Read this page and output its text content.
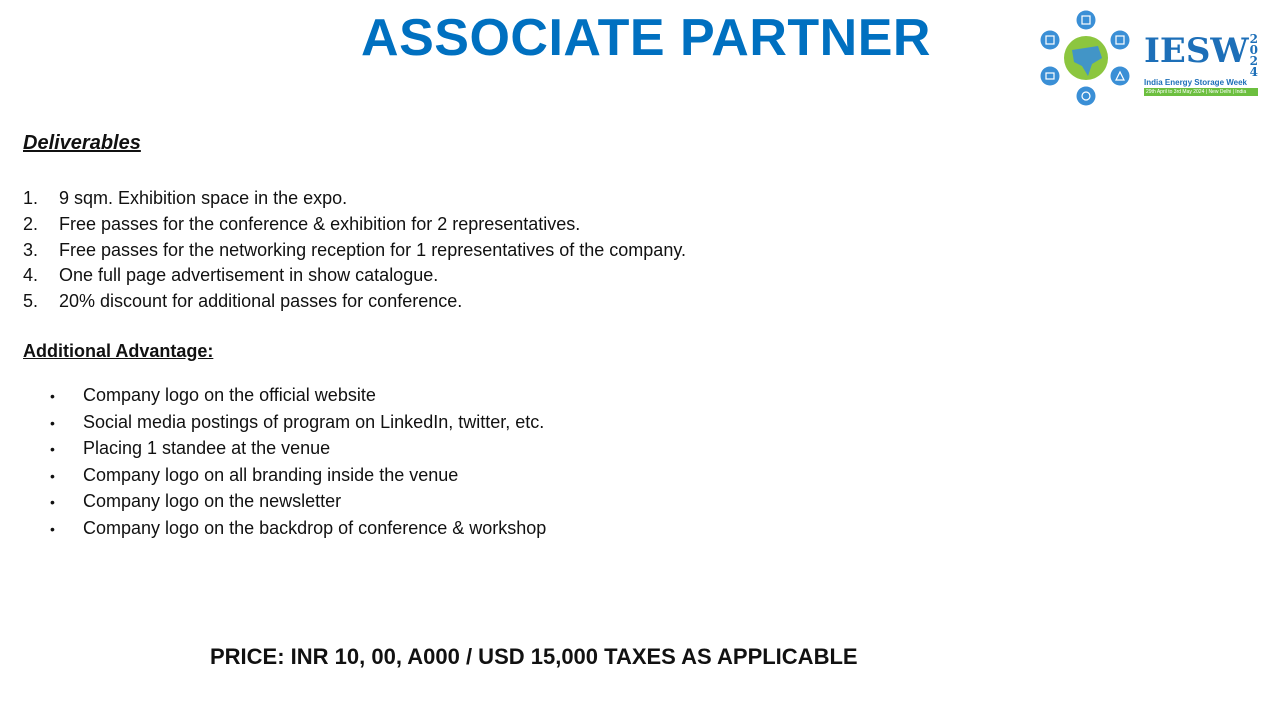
ASSOCIATE PARTNER	IESW2024
India Energy Storage Week
29th April to 3rd May 2024 | New Delhi | India
Deliverables
1. 9 sqm. Exhibition space in the expo.
2. Free passes for the conference & exhibition for 2 representatives.
3. Free passes for the networking reception for 1 representatives of the company.
4. One full page advertisement in show catalogue.
5. 20% discount for additional passes for conference.
Additional Advantage:
• Company logo on the official website
• Social media postings of program on LinkedIn, twitter, etc.
• Placing 1 standee at the venue
• Company logo on all branding inside the venue
• Company logo on the newsletter
• Company logo on the backdrop of conference & workshop
PRICE: INR 10, 00, A000 / USD 15,000 TAXES AS APPLICABLE
